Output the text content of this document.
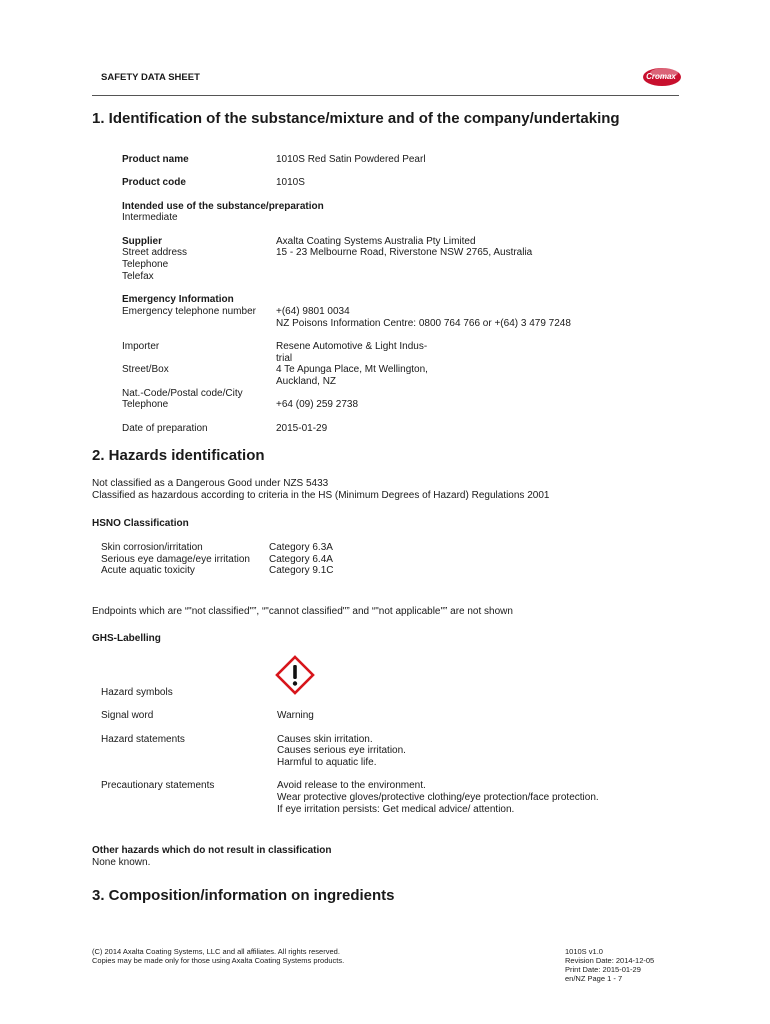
SAFETY DATA SHEET	Cromax
1. Identification of the substance/mixture and of the company/undertaking
Product name	1010S Red Satin Powdered Pearl
Product code	1010S
Intended use of the substance/preparation
Intermediate
Supplier	Axalta Coating Systems Australia Pty Limited
Street address	15 - 23 Melbourne Road, Riverstone NSW 2765, Australia
Telephone
Telefax
Emergency Information
Emergency telephone number +(64) 9801 0034
NZ Poisons Information Centre: 0800 764 766 or +(64) 3 479 7248
Importer	Resene Automotive & Light Indus-
trial
Street/Box	4 Te Apunga Place, Mt Wellington,
Auckland, NZ
Nat.-Code/Postal code/City
Telephone	+64 (09) 259 2738
Date of preparation	2015-01-29
2. Hazards identification
Not classified as a Dangerous Good under NZS 5433
Classified as hazardous according to criteria in the HS (Minimum Degrees of Hazard) Regulations 2001
HSNO Classification
Skin corrosion/irritation	Category 6.3A
Serious eye damage/eye irritation Category 6.4A
Acute aquatic toxicity	Category 9.1C
Endpoints which are “"not classified"”, “"cannot classified"” and “"not applicable"” are not shown
GHS-Labelling
Hazard symbols
Signal word	Warning
Hazard statements	Causes skin irritation.
Causes serious eye irritation.
Harmful to aquatic life.
Precautionary statements	Avoid release to the environment.
Wear protective gloves/protective clothing/eye protection/face protection.
If eye irritation persists: Get medical advice/ attention.
Other hazards which do not result in classification
None known.
3. Composition/information on ingredients
(C) 2014 Axalta Coating Systems, LLC and all affiliates. All rights reserved.
Copies may be made only for those using Axalta Coating Systems products.
1010S v1.0
Revision Date: 2014-12-05
Print Date: 2015-01-29
en/NZ Page 1 - 7
